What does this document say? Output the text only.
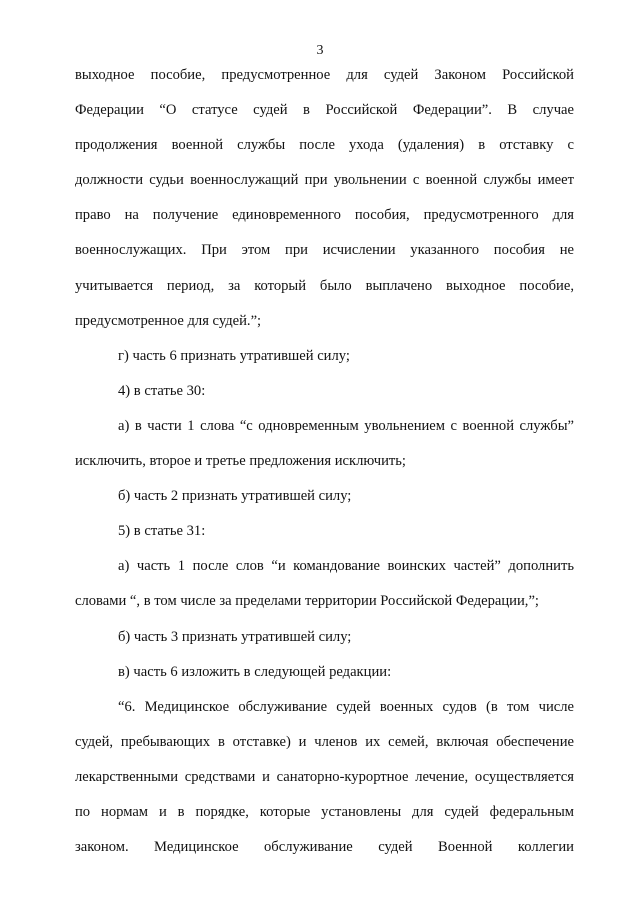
3
выходное пособие, предусмотренное для судей Законом Российской
Федерации “О статусе судей в Российской Федерации”. В случае
продолжения военной службы после ухода (удаления) в отставку с
должности судьи военнослужащий при увольнении с военной службы имеет
право на получение единовременного пособия, предусмотренного для
военнослужащих. При этом при исчислении указанного пособия не
учитывается период, за который было выплачено выходное пособие,
предусмотренное для судей.”;
г) часть 6 признать утратившей силу;
4) в статье 30:
а) в части 1 слова “с одновременным увольнением с военной службы”
исключить, второе и третье предложения исключить;
б) часть 2 признать утратившей силу;
5) в статье 31:
а) часть 1 после слов “и командование воинских частей” дополнить
словами “, в том числе за пределами территории Российской Федерации,”;
б) часть 3 признать утратившей силу;
в) часть 6 изложить в следующей редакции:
“6. Медицинское обслуживание судей военных судов (в том числе
судей, пребывающих в отставке) и членов их семей, включая обеспечение
лекарственными средствами и санаторно-курортное лечение, осуществляется
по нормам и в порядке, которые установлены для судей федеральным
законом. Медицинское обслуживание судей Военной коллегии
